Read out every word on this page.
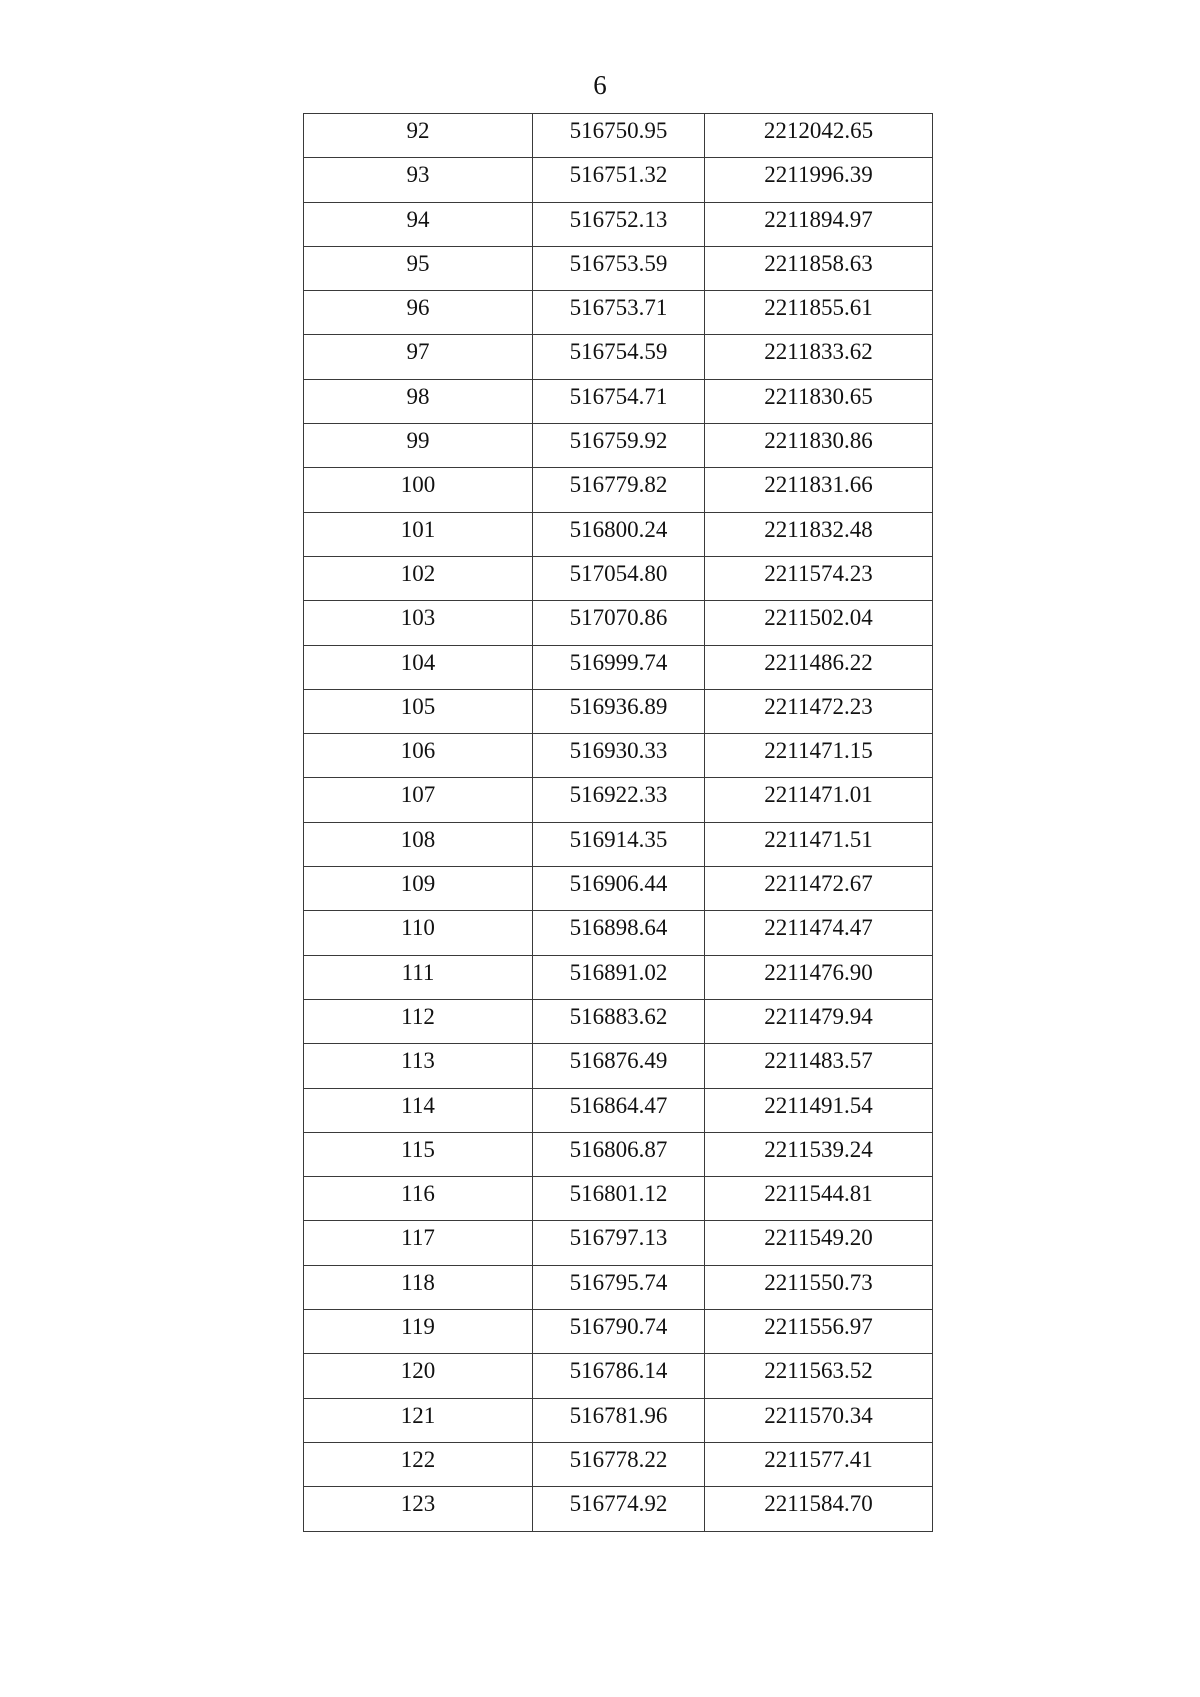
6
92	516750.95	2212042.65
93	516751.32	2211996.39
94	516752.13	2211894.97
95	516753.59	2211858.63
96	516753.71	2211855.61
97	516754.59	2211833.62
98	516754.71	2211830.65
99	516759.92	2211830.86
100	516779.82	2211831.66
101	516800.24	2211832.48
102	517054.80	2211574.23
103	517070.86	2211502.04
104	516999.74	2211486.22
105	516936.89	2211472.23
106	516930.33	2211471.15
107	516922.33	2211471.01
108	516914.35	2211471.51
109	516906.44	2211472.67
110	516898.64	2211474.47
111	516891.02	2211476.90
112	516883.62	2211479.94
113	516876.49	2211483.57
114	516864.47	2211491.54
115	516806.87	2211539.24
116	516801.12	2211544.81
117	516797.13	2211549.20
118	516795.74	2211550.73
119	516790.74	2211556.97
120	516786.14	2211563.52
121	516781.96	2211570.34
122	516778.22	2211577.41
123	516774.92	2211584.70
